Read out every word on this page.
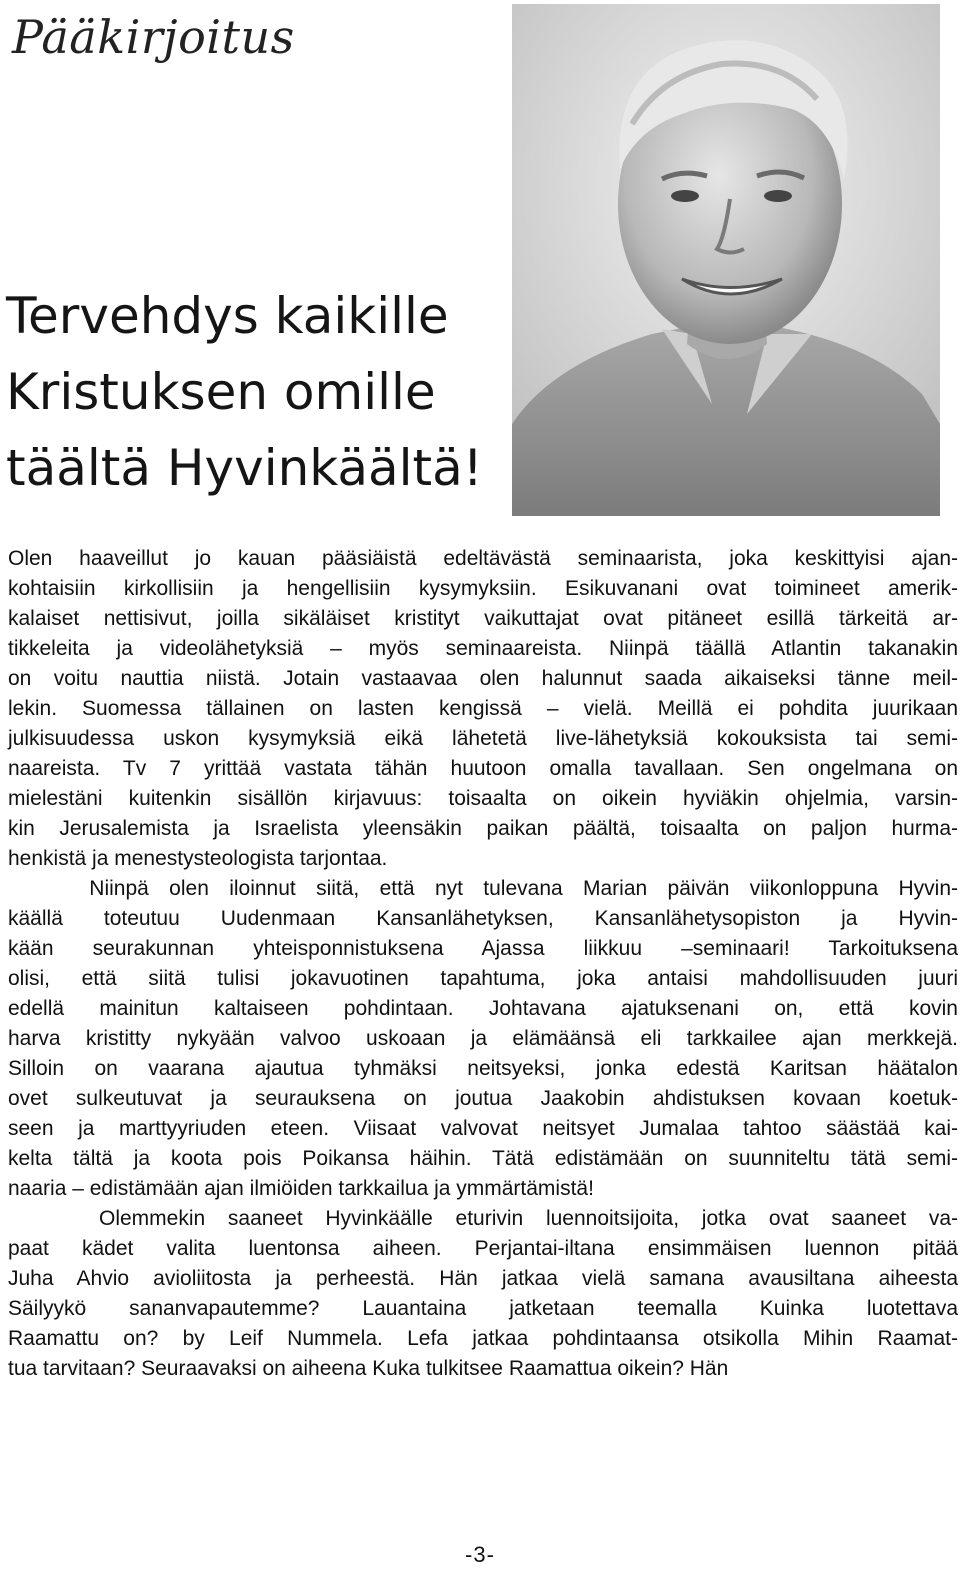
Pääkirjoitus
Tervehdys kaikille
Kristuksen omille
täältä Hyvinkäältä!
Olen haaveillut jo kauan pääsiäistä edeltävästä seminaarista, joka keskittyisi ajan-
kohtaisiin kirkollisiin ja hengellisiin kysymyksiin. Esikuvanani ovat toimineet amerik-
kalaiset nettisivut, joilla sikäläiset kristityt vaikuttajat ovat pitäneet esillä tärkeitä ar-
tikkeleita ja videolähetyksiä – myös seminaareista. Niinpä täällä Atlantin takanakin
on voitu nauttia niistä. Jotain vastaavaa olen halunnut saada aikaiseksi tänne meil-
lekin. Suomessa tällainen on lasten kengissä – vielä. Meillä ei pohdita juurikaan
julkisuudessa uskon kysymyksiä eikä lähetetä live-lähetyksiä kokouksista tai semi-
naareista. Tv 7 yrittää vastata tähän huutoon omalla tavallaan. Sen ongelmana on
mielestäni kuitenkin sisällön kirjavuus: toisaalta on oikein hyviäkin ohjelmia, varsin-
kin Jerusalemista ja Israelista yleensäkin paikan päältä, toisaalta on paljon hurma-
henkistä ja menestysteologista tarjontaa.
Niinpä olen iloinnut siitä, että nyt tulevana Marian päivän viikonloppuna Hyvin-
käällä toteutuu Uudenmaan Kansanlähetyksen, Kansanlähetysopiston ja Hyvin-
kään seurakunnan yhteisponnistuksena Ajassa liikkuu –seminaari! Tarkoituksena
olisi, että siitä tulisi jokavuotinen tapahtuma, joka antaisi mahdollisuuden juuri
edellä mainitun kaltaiseen pohdintaan. Johtavana ajatuksenani on, että kovin
harva kristitty nykyään valvoo uskoaan ja elämäänsä eli tarkkailee ajan merkkejä.
Silloin on vaarana ajautua tyhmäksi neitsyeksi, jonka edestä Karitsan häätalon
ovet sulkeutuvat ja seurauksena on joutua Jaakobin ahdistuksen kovaan koetuk-
seen ja marttyyriuden eteen. Viisaat valvovat neitsyet Jumalaa tahtoo säästää kai-
kelta tältä ja koota pois Poikansa häihin. Tätä edistämään on suunniteltu tätä semi-
naaria – edistämään ajan ilmiöiden tarkkailua ja ymmärtämistä!
Olemmekin saaneet Hyvinkäälle eturivin luennoitsijoita, jotka ovat saaneet va-
paat kädet valita luentonsa aiheen. Perjantai-iltana ensimmäisen luennon pitää
Juha Ahvio avioliitosta ja perheestä. Hän jatkaa vielä samana avausiltana aiheesta
Säilyykö sananvapautemme? Lauantaina jatketaan teemalla Kuinka luotettava
Raamattu on? by Leif Nummela. Lefa jatkaa pohdintaansa otsikolla Mihin Raamat-
tua tarvitaan? Seuraavaksi on aiheena Kuka tulkitsee Raamattua oikein? Hän
-3-
